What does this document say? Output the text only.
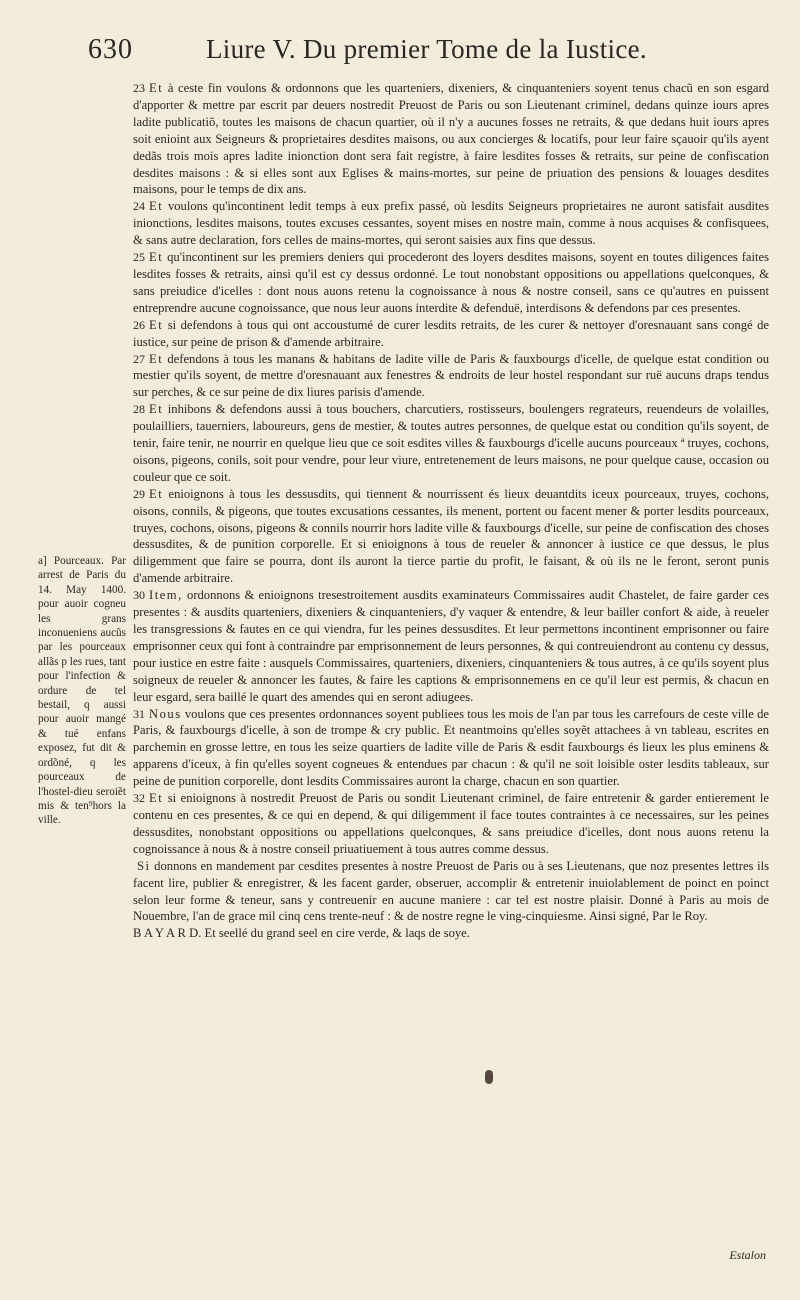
630	Liure V. Du premier Tome de la Iustice.
a] Pourceaux. Par arrest de Paris du 14. May 1400. pour auoir cogneu les grans inconueniens aucũs par les pourceaux allãs p les rues, tant pour l'infection & ordure de tel bestail, q aussi pour auoir mangé & tué enfans exposez, fut dit & ordõné, q les pourceaux de l'hostel-dieu seroiẽt mis & ten⁹hors la ville.

23 Et à ceste fin voulons & ordonnons que les quarteniers, dixeniers, & cinquanteniers soyent tenus chacũ en son esgard d'apporter & mettre par escrit par deuers nostredit Preuost de Paris ou son Lieutenant criminel, dedans quinze iours apres ladite publicatiõ, toutes les maisons de chacun quartier, où il n'y a aucunes fosses ne retraits, & que dedans huit iours apres soit enioint aux Seigneurs & proprietaires desdites maisons, ou aux concierges & locatifs, pour leur faire sçauoir qu'ils ayent dedãs trois mois apres ladite inionction dont sera fait registre, à faire lesdites fosses & retraits, sur peine de confiscation desdites maisons : & si elles sont aux Eglises & mains-mortes, sur peine de priuation des pensions & louages desdites maisons, pour le temps de dix ans.

24 Et voulons qu'incontinent ledit temps à eux prefix passé, où lesdits Seigneurs proprietaires ne auront satisfait ausdites inionctions, lesdites maisons, toutes excuses cessantes, soyent mises en nostre main, comme à nous acquises & confisquees, & sans autre declaration, fors celles de mains-mortes, qui seront saisies aux fins que dessus.

25 Et qu'incontinent sur les premiers deniers qui procederont des loyers desdites maisons, soyent en toutes diligences faites lesdites fosses & retraits, ainsi qu'il est cy dessus ordonné. Le tout nonobstant oppositions ou appellations quelconques, & sans preiudice d'icelles : dont nous auons retenu la cognoissance à nous & nostre conseil, sans ce qu'autres en puissent entreprendre aucune cognoissance, que nous leur auons interdite & defenduë, interdisons & defendons par ces presentes.

26 Et si defendons à tous qui ont accoustumé de curer lesdits retraits, de les curer & nettoyer d'oresnauant sans congé de iustice, sur peine de prison & d'amende arbitraire.

27 Et defendons à tous les manans & habitans de ladite ville de Paris & fauxbourgs d'icelle, de quelque estat condition ou mestier qu'ils soyent, de mettre d'oresnauant aux fenestres & endroits de leur hostel respondant sur ruë aucuns draps tendus sur perches, & ce sur peine de dix liures parisis d'amende.

28 Et inhibons & defendons aussi à tous bouchers, charcutiers, rostisseurs, boulengers regrateurs, reuendeurs de volailles, poulailliers, tauerniers, laboureurs, gens de mestier, & toutes autres personnes, de quelque estat ou condition qu'ils soyent, de tenir, faire tenir, ne nourrir en quelque lieu que ce soit esdites villes & fauxbourgs d'icelle aucuns pourceaux ª truyes, cochons, oisons, pigeons, conils, soit pour vendre, pour leur viure, entretenement de leurs maisons, ne pour quelque cause, occasion ou couleur que ce soit.

29 Et enioignons à tous les dessusdits, qui tiennent & nourrissent és lieux deuantdits iceux pourceaux, truyes, cochons, oisons, connils, & pigeons, que toutes excusations cessantes, ils menent, portent ou facent mener & porter lesdits pourceaux, truyes, cochons, oisons, pigeons & connils nourrir hors ladite ville & fauxbourgs d'icelle, sur peine de confiscation des choses dessusdites, & de punition corporelle. Et si enioignons à tous de reueler & annoncer à iustice ce que dessus, le plus diligemment que faire se pourra, dont ils auront la tierce partie du profit, le faisant, & où ils ne le feront, seront punis d'amende arbitraire.

30 Item, ordonnons & enioignons tresestroitement ausdits examinateurs Commissaires audit Chastelet, de faire garder ces presentes : & ausdits quarteniers, dixeniers & cinquanteniers, d'y vaquer & entendre, & leur bailler confort & aide, à reueler les transgressions & fautes en ce qui viendra, fur les peines dessusdites. Et leur permettons incontinent emprisonner ou faire emprisonner ceux qui font à contraindre par emprisonnement de leurs personnes, & qui contreuiendront au contenu cy dessus, pour iustice en estre faite : ausquels Commissaires, quarteniers, dixeniers, cinquanteniers & tous autres, à ce qu'ils soyent plus soigneux de reueler & annoncer les fautes, & faire les captions & emprisonnemens en ce qu'il leur est permis, & chacun en leur esgard, sera baillé le quart des amendes qui en seront adiugees.

31 Nous voulons que ces presentes ordonnances soyent publiees tous les mois de l'an par tous les carrefours de ceste ville de Paris, & fauxbourgs d'icelle, à son de trompe & cry public. Et neantmoins qu'elles soyẽt attachees à vn tableau, escrites en parchemin en grosse lettre, en tous les seize quartiers de ladite ville de Paris & esdit fauxbourgs és lieux les plus eminens & apparens d'iceux, à fin qu'elles soyent cogneues & entendues par chacun : & qu'il ne soit loisible oster lesdits tableaux, sur peine de punition corporelle, dont lesdits Commissaires auront la charge, chacun en son quartier.

32 Et si enioignons à nostredit Preuost de Paris ou sondit Lieutenant criminel, de faire entretenir & garder entierement le contenu en ces presentes, & ce qui en depend, & qui diligemment il face toutes contraintes à ce necessaires, sur les peines dessusdites, nonobstant oppositions ou appellations quelconques, & sans preiudice d'icelles, dont nous auons retenu la cognoissance à nous & à nostre conseil priuatiuement à tous autres comme dessus.

Si donnons en mandement par cesdites presentes à nostre Preuost de Paris ou à ses Lieutenans, que noz presentes lettres ils facent lire, publier & enregistrer, & les facent garder, obseruer, accomplir & entretenir inuiolablement de poinct en poinct selon leur forme & teneur, sans y contreuenir en aucune maniere : car tel est nostre plaisir. Donné à Paris au mois de Nouembre, l'an de grace mil cinq cens trente-neuf : & de nostre regne le ving-cinquiesme. Ainsi signé, Par le Roy.

B A Y A R D. Et seellé du grand seel en cire verde, & laqs de soye.
Estalon
